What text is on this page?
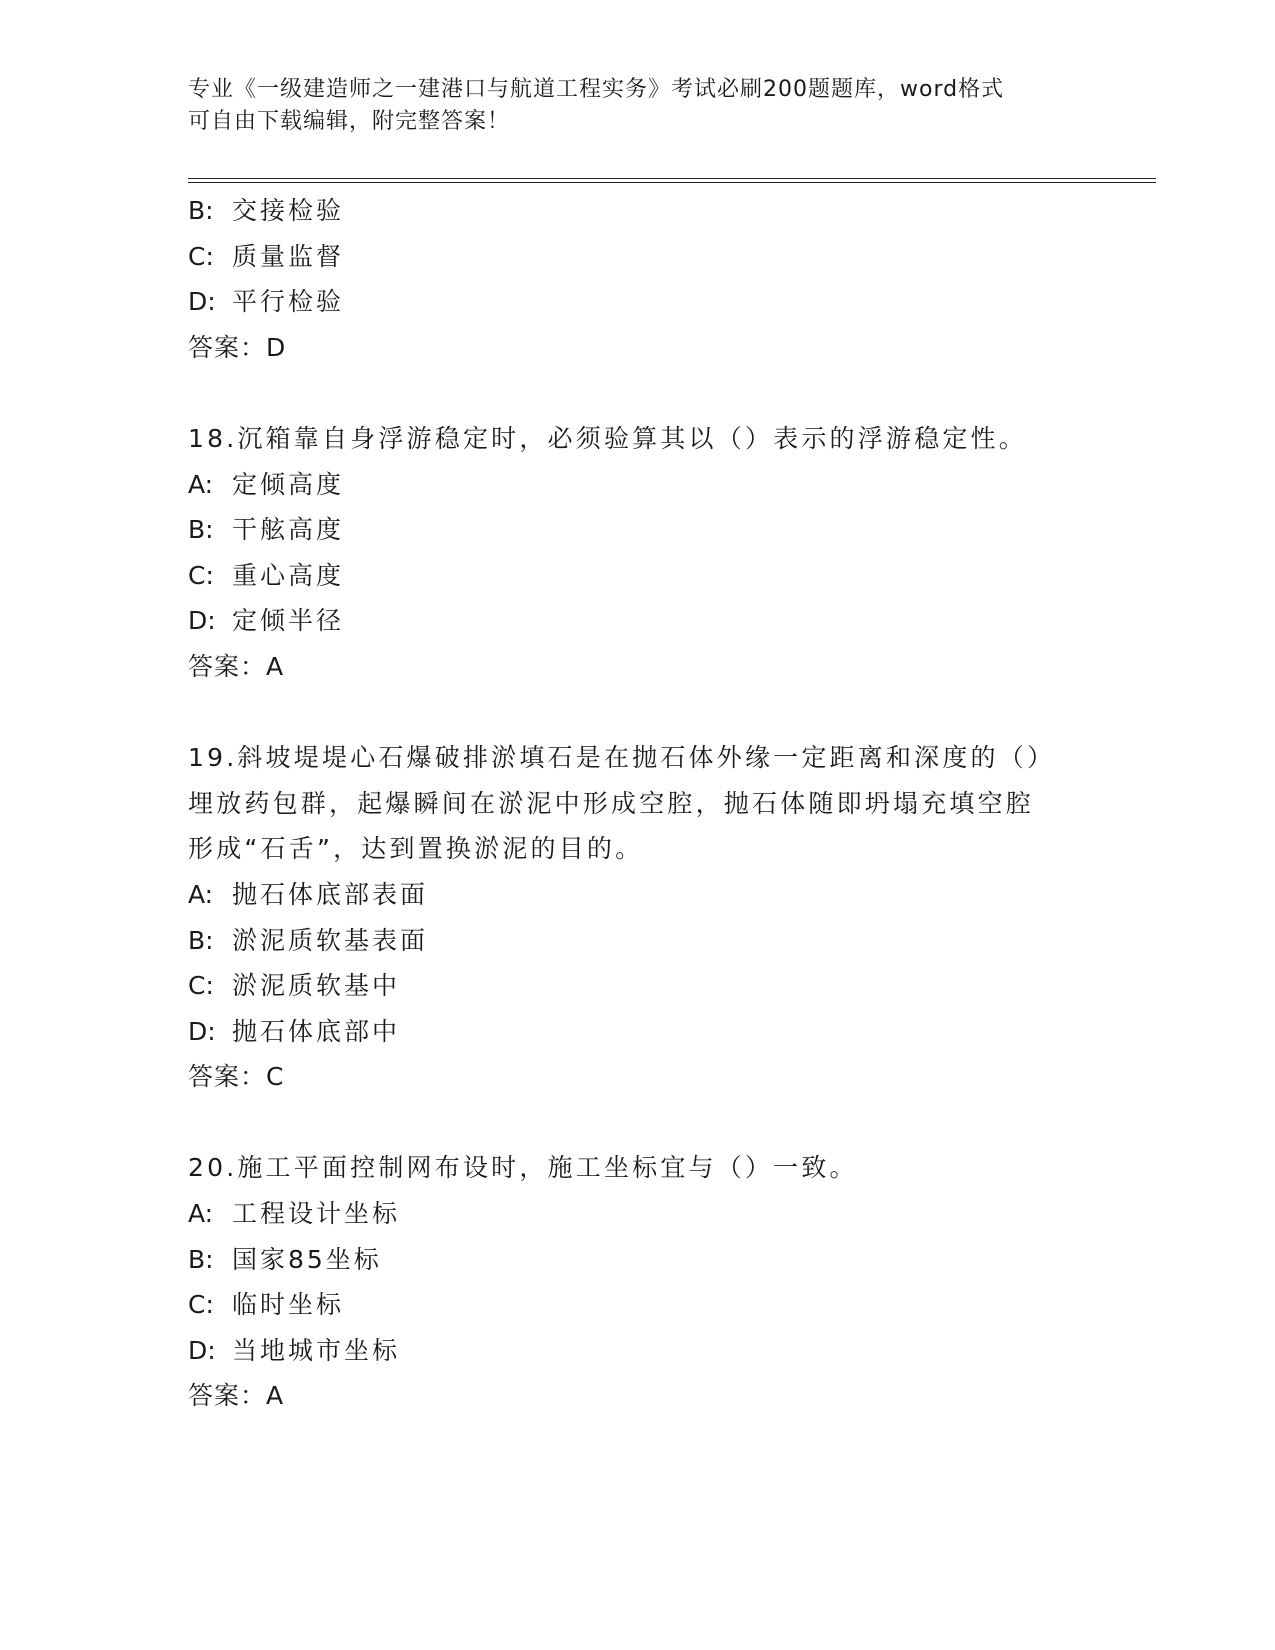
专业《一级建造师之一建港口与航道工程实务》考试必刷200题题库，word格式
可自由下载编辑，附完整答案！
B: 交接检验
C: 质量监督
D: 平行检验
答案：D
18.沉箱靠自身浮游稳定时，必须验算其以（）表示的浮游稳定性。
A: 定倾高度
B: 干舷高度
C: 重心高度
D: 定倾半径
答案：A
19.斜坡堤堤心石爆破排淤填石是在抛石体外缘一定距离和深度的（）
埋放药包群，起爆瞬间在淤泥中形成空腔，抛石体随即坍塌充填空腔
形成“石舌”，达到置换淤泥的目的。
A: 抛石体底部表面
B: 淤泥质软基表面
C: 淤泥质软基中
D: 抛石体底部中
答案：C
20.施工平面控制网布设时，施工坐标宜与（）一致。
A: 工程设计坐标
B: 国家85坐标
C: 临时坐标
D: 当地城市坐标
答案：A
